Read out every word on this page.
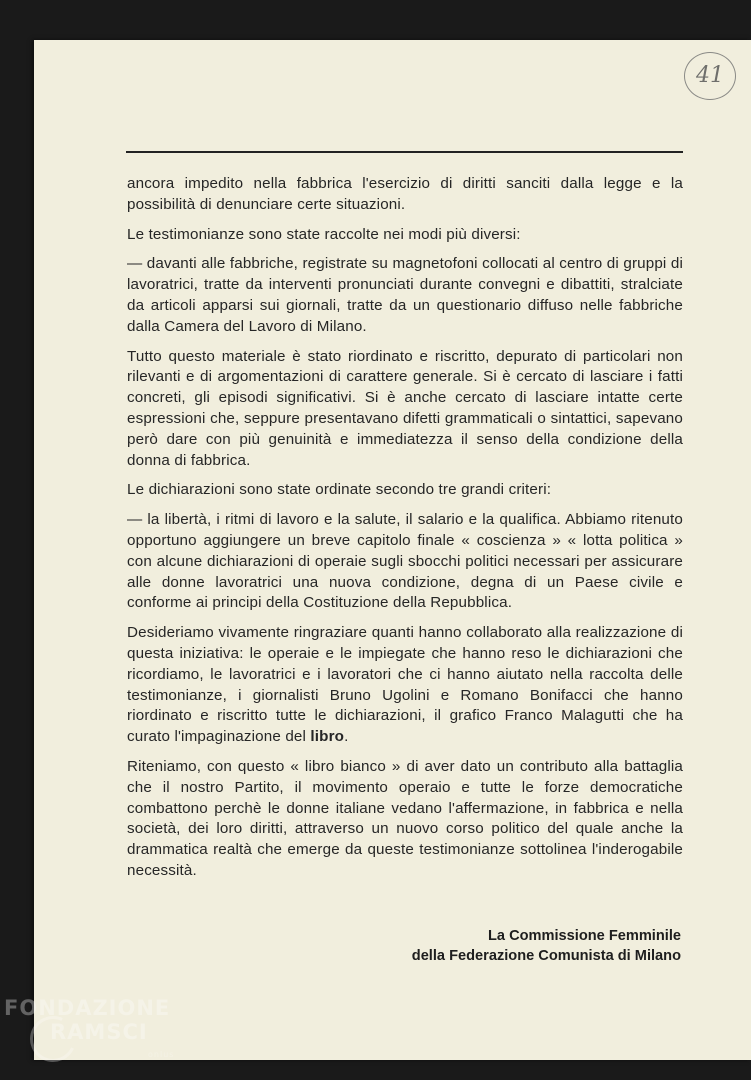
41

ancora impedito nella fabbrica l'esercizio di diritti sanciti dalla legge e la possibilità di denunciare certe situazioni.

Le testimonianze sono state raccolte nei modi più diversi:

— davanti alle fabbriche, registrate su magnetofoni collocati al centro di gruppi di lavoratrici, tratte da interventi pronunciati durante convegni e dibattiti, stralciate da articoli apparsi sui giornali, tratte da un questionario diffuso nelle fabbriche dalla Camera del Lavoro di Milano.

Tutto questo materiale è stato riordinato e riscritto, depurato di particolari non rilevanti e di argomentazioni di carattere generale. Si è cercato di lasciare i fatti concreti, gli episodi significativi. Si è anche cercato di lasciare intatte certe espressioni che, seppure presentavano difetti grammaticali o sintattici, sapevano però dare con più genuinità e immediatezza il senso della condizione della donna di fabbrica.

Le dichiarazioni sono state ordinate secondo tre grandi criteri:

— la libertà, i ritmi di lavoro e la salute, il salario e la qualifica. Abbiamo ritenuto opportuno aggiungere un breve capitolo finale « coscienza » « lotta politica » con alcune dichiarazioni di operaie sugli sbocchi politici necessari per assicurare alle donne lavoratrici una nuova condizione, degna di un Paese civile e conforme ai principi della Costituzione della Repubblica.

Desideriamo vivamente ringraziare quanti hanno collaborato alla realizzazione di questa iniziativa: le operaie e le impiegate che hanno reso le dichiarazioni che ricordiamo, le lavoratrici e i lavoratori che ci hanno aiutato nella raccolta delle testimonianze, i giornalisti Bruno Ugolini e Romano Bonifacci che hanno riordinato e riscritto tutte le dichiarazioni, il grafico Franco Malagutti che ha curato l'impaginazione del libro.

Riteniamo, con questo « libro bianco » di aver dato un contributo alla battaglia che il nostro Partito, il movimento operaio e tutte le forze democratiche combattono perchè le donne italiane vedano l'affermazione, in fabbrica e nella società, dei loro diritti, attraverso un nuovo corso politico del quale anche la drammatica realtà che emerge da queste testimonianze sottolinea l'inderogabile necessità.

La Commissione Femminile
della Federazione Comunista di Milano
FONDAZIONE
RAMSCI
onlus
